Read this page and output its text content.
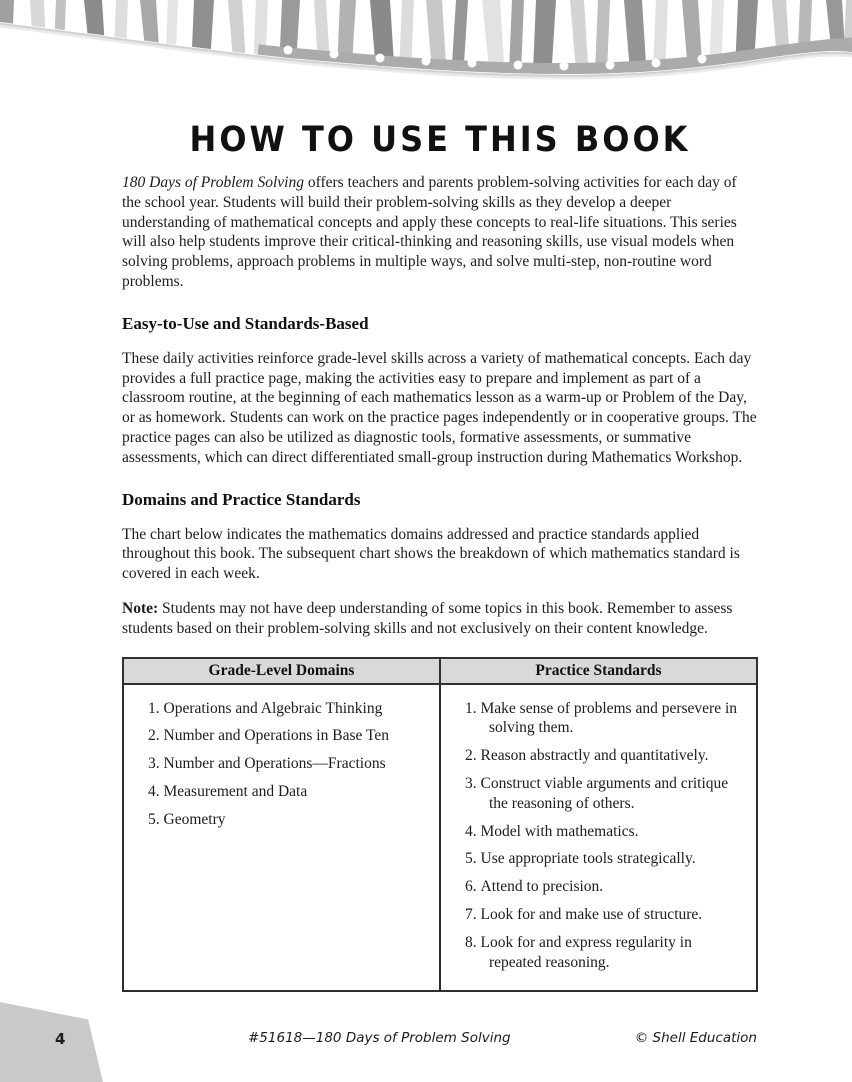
HOW TO USE THIS BOOK

180 Days of Problem Solving offers teachers and parents problem-solving activities for each day of the school year. Students will build their problem-solving skills as they develop a deeper understanding of mathematical concepts and apply these concepts to real-life situations. This series will also help students improve their critical-thinking and reasoning skills, use visual models when solving problems, approach problems in multiple ways, and solve multi-step, non-routine word problems.

Easy-to-Use and Standards-Based

These daily activities reinforce grade-level skills across a variety of mathematical concepts. Each day provides a full practice page, making the activities easy to prepare and implement as part of a classroom routine, at the beginning of each mathematics lesson as a warm-up or Problem of the Day, or as homework. Students can work on the practice pages independently or in cooperative groups. The practice pages can also be utilized as diagnostic tools, formative assessments, or summative assessments, which can direct differentiated small-group instruction during Mathematics Workshop.

Domains and Practice Standards

The chart below indicates the mathematics domains addressed and practice standards applied throughout this book. The subsequent chart shows the breakdown of which mathematics standard is covered in each week.

Note: Students may not have deep understanding of some topics in this book. Remember to assess students based on their problem-solving skills and not exclusively on their content knowledge.

Grade-Level Domains	Practice Standards

Operations and Algebraic Thinking
Number and Operations in Base Ten
Number and Operations—Fractions
Measurement and Data
Geometry

Make sense of problems and persevere in solving them.
Reason abstractly and quantitatively.
Construct viable arguments and critique the reasoning of others.
Model with mathematics.
Use appropriate tools strategically.
Attend to precision.
Look for and make use of structure.
Look for and express regularity in repeated reasoning.
4	#51618—180 Days of Problem Solving	© Shell Education
